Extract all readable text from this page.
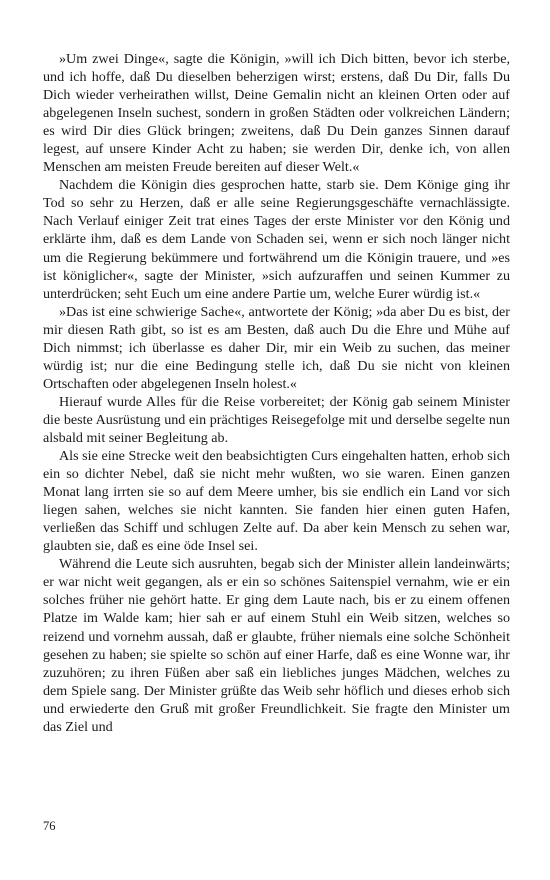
»Um zwei Dinge«, sagte die Königin, »will ich Dich bitten, bevor ich sterbe, und ich hoffe, daß Du dieselben beherzigen wirst; erstens, daß Du Dir, falls Du Dich wieder verheirathen willst, Deine Gemalin nicht an kleinen Orten oder auf abgelegenen Inseln suchest, sondern in großen Städten oder volkreichen Ländern; es wird Dir dies Glück bringen; zweitens, daß Du Dein ganzes Sinnen darauf legest, auf unsere Kinder Acht zu haben; sie werden Dir, denke ich, von allen Menschen am meisten Freude bereiten auf dieser Welt.«

Nachdem die Königin dies gesprochen hatte, starb sie. Dem Könige ging ihr Tod so sehr zu Herzen, daß er alle seine Regierungsgeschäfte vernachlässigte. Nach Verlauf einiger Zeit trat eines Tages der erste Minister vor den König und erklärte ihm, daß es dem Lande von Schaden sei, wenn er sich noch länger nicht um die Regierung bekümmere und fortwährend um die Königin trauere, und »es ist königlicher«, sagte der Minister, »sich aufzuraffen und seinen Kummer zu unterdrücken; seht Euch um eine andere Partie um, welche Eurer würdig ist.«

»Das ist eine schwierige Sache«, antwortete der König; »da aber Du es bist, der mir diesen Rath gibt, so ist es am Besten, daß auch Du die Ehre und Mühe auf Dich nimmst; ich überlasse es daher Dir, mir ein Weib zu suchen, das meiner würdig ist; nur die eine Bedingung stelle ich, daß Du sie nicht von kleinen Ortschaften oder abgelegenen Inseln holest.«

Hierauf wurde Alles für die Reise vorbereitet; der König gab seinem Minister die beste Ausrüstung und ein prächtiges Reisegefolge mit und derselbe segelte nun alsbald mit seiner Begleitung ab.

Als sie eine Strecke weit den beabsichtigten Curs eingehalten hatten, erhob sich ein so dichter Nebel, daß sie nicht mehr wußten, wo sie waren. Einen ganzen Monat lang irrten sie so auf dem Meere umher, bis sie endlich ein Land vor sich liegen sahen, welches sie nicht kannten. Sie fanden hier einen guten Hafen, verließen das Schiff und schlugen Zelte auf. Da aber kein Mensch zu sehen war, glaubten sie, daß es eine öde Insel sei.

Während die Leute sich ausruhten, begab sich der Minister allein landeinwärts; er war nicht weit gegangen, als er ein so schönes Saitenspiel vernahm, wie er ein solches früher nie gehört hatte. Er ging dem Laute nach, bis er zu einem offenen Platze im Walde kam; hier sah er auf einem Stuhl ein Weib sitzen, welches so reizend und vornehm aussah, daß er glaubte, früher niemals eine solche Schönheit gesehen zu haben; sie spielte so schön auf einer Harfe, daß es eine Wonne war, ihr zuzuhören; zu ihren Füßen aber saß ein liebliches junges Mädchen, welches zu dem Spiele sang. Der Minister grüßte das Weib sehr höflich und dieses erhob sich und erwiederte den Gruß mit großer Freundlichkeit. Sie fragte den Minister um das Ziel und

76
